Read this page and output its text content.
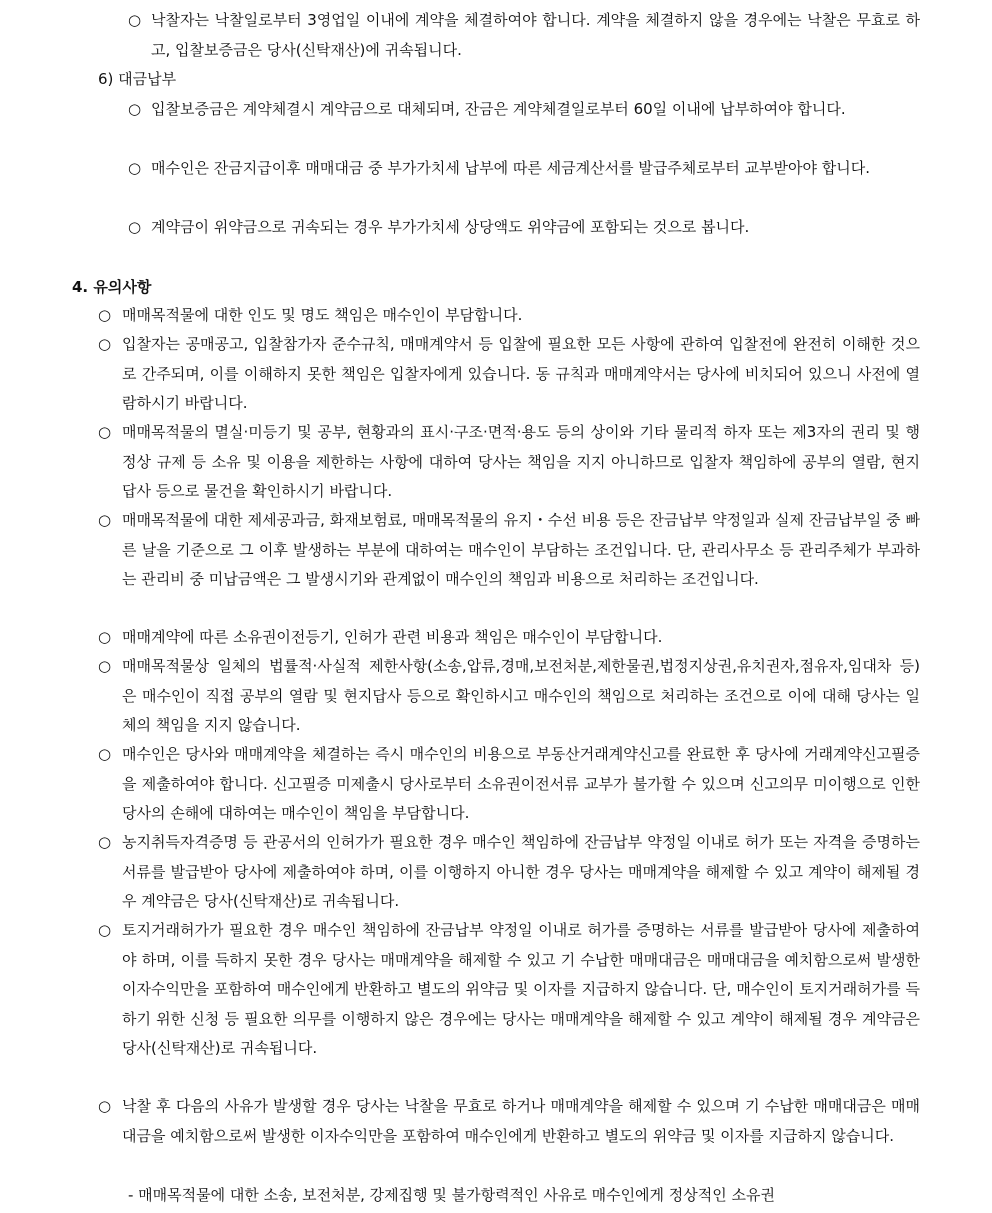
○ 낙찰자는 낙찰일로부터 3영업일 이내에 계약을 체결하여야 합니다. 계약을 체결하지 않을 경우에는 낙찰은 무효로 하고, 입찰보증금은 당사(신탁재산)에 귀속됩니다.
6) 대금납부
○ 입찰보증금은 계약체결시 계약금으로 대체되며, 잔금은 계약체결일로부터 60일 이내에 납부하여야 합니다.
○ 매수인은 잔금지급이후 매매대금 중 부가가치세 납부에 따른 세금계산서를 발급주체로부터 교부받아야 합니다.
○ 계약금이 위약금으로 귀속되는 경우 부가가치세 상당액도 위약금에 포함되는 것으로 봅니다.
4. 유의사항
○ 매매목적물에 대한 인도 및 명도 책임은 매수인이 부담합니다.
○ 입찰자는 공매공고, 입찰참가자 준수규칙, 매매계약서 등 입찰에 필요한 모든 사항에 관하여 입찰전에 완전히 이해한 것으로 간주되며, 이를 이해하지 못한 책임은 입찰자에게 있습니다. 동 규칙과 매매계약서는 당사에 비치되어 있으니 사전에 열람하시기 바랍니다.
○ 매매목적물의 멸실·미등기 및 공부, 현황과의 표시·구조·면적·용도 등의 상이와 기타 물리적 하자 또는 제3자의 권리 및 행정상 규제 등 소유 및 이용을 제한하는 사항에 대하여 당사는 책임을 지지 아니하므로 입찰자 책임하에 공부의 열람, 현지 답사 등으로 물건을 확인하시기 바랍니다.
○ 매매목적물에 대한 제세공과금, 화재보험료, 매매목적물의 유지・수선 비용 등은 잔금납부 약정일과 실제 잔금납부일 중 빠른 날을 기준으로 그 이후 발생하는 부분에 대하여는 매수인이 부담하는 조건입니다. 단, 관리사무소 등 관리주체가 부과하는 관리비 중 미납금액은 그 발생시기와 관계없이 매수인의 책임과 비용으로 처리하는 조건입니다.
○ 매매계약에 따른 소유권이전등기, 인허가 관련 비용과 책임은 매수인이 부담합니다.
○ 매매목적물상 일체의 법률적·사실적 제한사항(소송,압류,경매,보전처분,제한물권,법정지상권,유치권자,점유자,임대차 등)은 매수인이 직접 공부의 열람 및 현지답사 등으로 확인하시고 매수인의 책임으로 처리하는 조건으로 이에 대해 당사는 일체의 책임을 지지 않습니다.
○ 매수인은 당사와 매매계약을 체결하는 즉시 매수인의 비용으로 부동산거래계약신고를 완료한 후 당사에 거래계약신고필증을 제출하여야 합니다. 신고필증 미제출시 당사로부터 소유권이전서류 교부가 불가할 수 있으며 신고의무 미이행으로 인한 당사의 손해에 대하여는 매수인이 책임을 부담합니다.
○ 농지취득자격증명 등 관공서의 인허가가 필요한 경우 매수인 책임하에 잔금납부 약정일 이내로 허가 또는 자격을 증명하는 서류를 발급받아 당사에 제출하여야 하며, 이를 이행하지 아니한 경우 당사는 매매계약을 해제할 수 있고 계약이 해제될 경우 계약금은 당사(신탁재산)로 귀속됩니다.
○ 토지거래허가가 필요한 경우 매수인 책임하에 잔금납부 약정일 이내로 허가를 증명하는 서류를 발급받아 당사에 제출하여야 하며, 이를 득하지 못한 경우 당사는 매매계약을 해제할 수 있고 기 수납한 매매대금은 매매대금을 예치함으로써 발생한 이자수익만을 포함하여 매수인에게 반환하고 별도의 위약금 및 이자를 지급하지 않습니다. 단, 매수인이 토지거래허가를 득하기 위한 신청 등 필요한 의무를 이행하지 않은 경우에는 당사는 매매계약을 해제할 수 있고 계약이 해제될 경우 계약금은 당사(신탁재산)로 귀속됩니다.
○ 낙찰 후 다음의 사유가 발생할 경우 당사는 낙찰을 무효로 하거나 매매계약을 해제할 수 있으며 기 수납한 매매대금은 매매대금을 예치함으로써 발생한 이자수익만을 포함하여 매수인에게 반환하고 별도의 위약금 및 이자를 지급하지 않습니다.
- 매매목적물에 대한 소송, 보전처분, 강제집행 및 불가항력적인 사유로 매수인에게 정상적인 소유권
